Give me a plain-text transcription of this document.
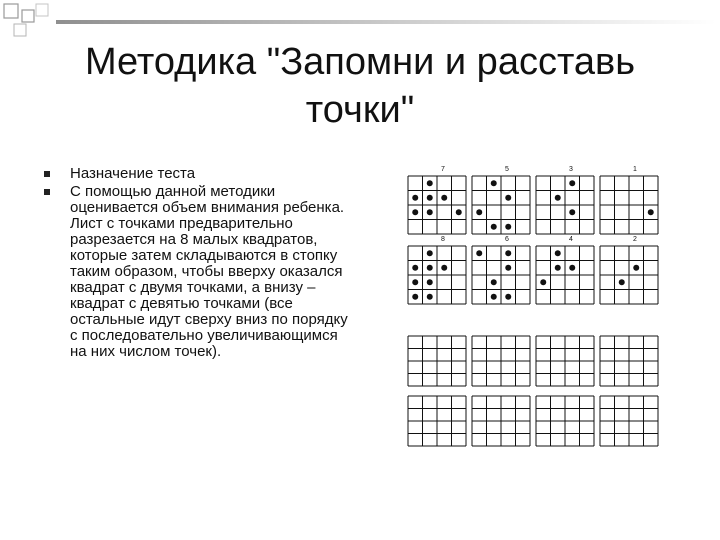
Методика "Запомни и расставь
точки"
Назначение теста
С помощью данной методики оценивается объем внимания ребенка. Лист с точками предварительно разрезается на 8 малых квадратов, которые затем складываются в стопку таким образом, чтобы вверху оказался квадрат с двумя точками, а внизу – квадрат с девятью точками (все остальные идут сверху вниз по порядку с последовательно увеличивающимся на них числом точек).
7	5	3	1
8	6	4	2
